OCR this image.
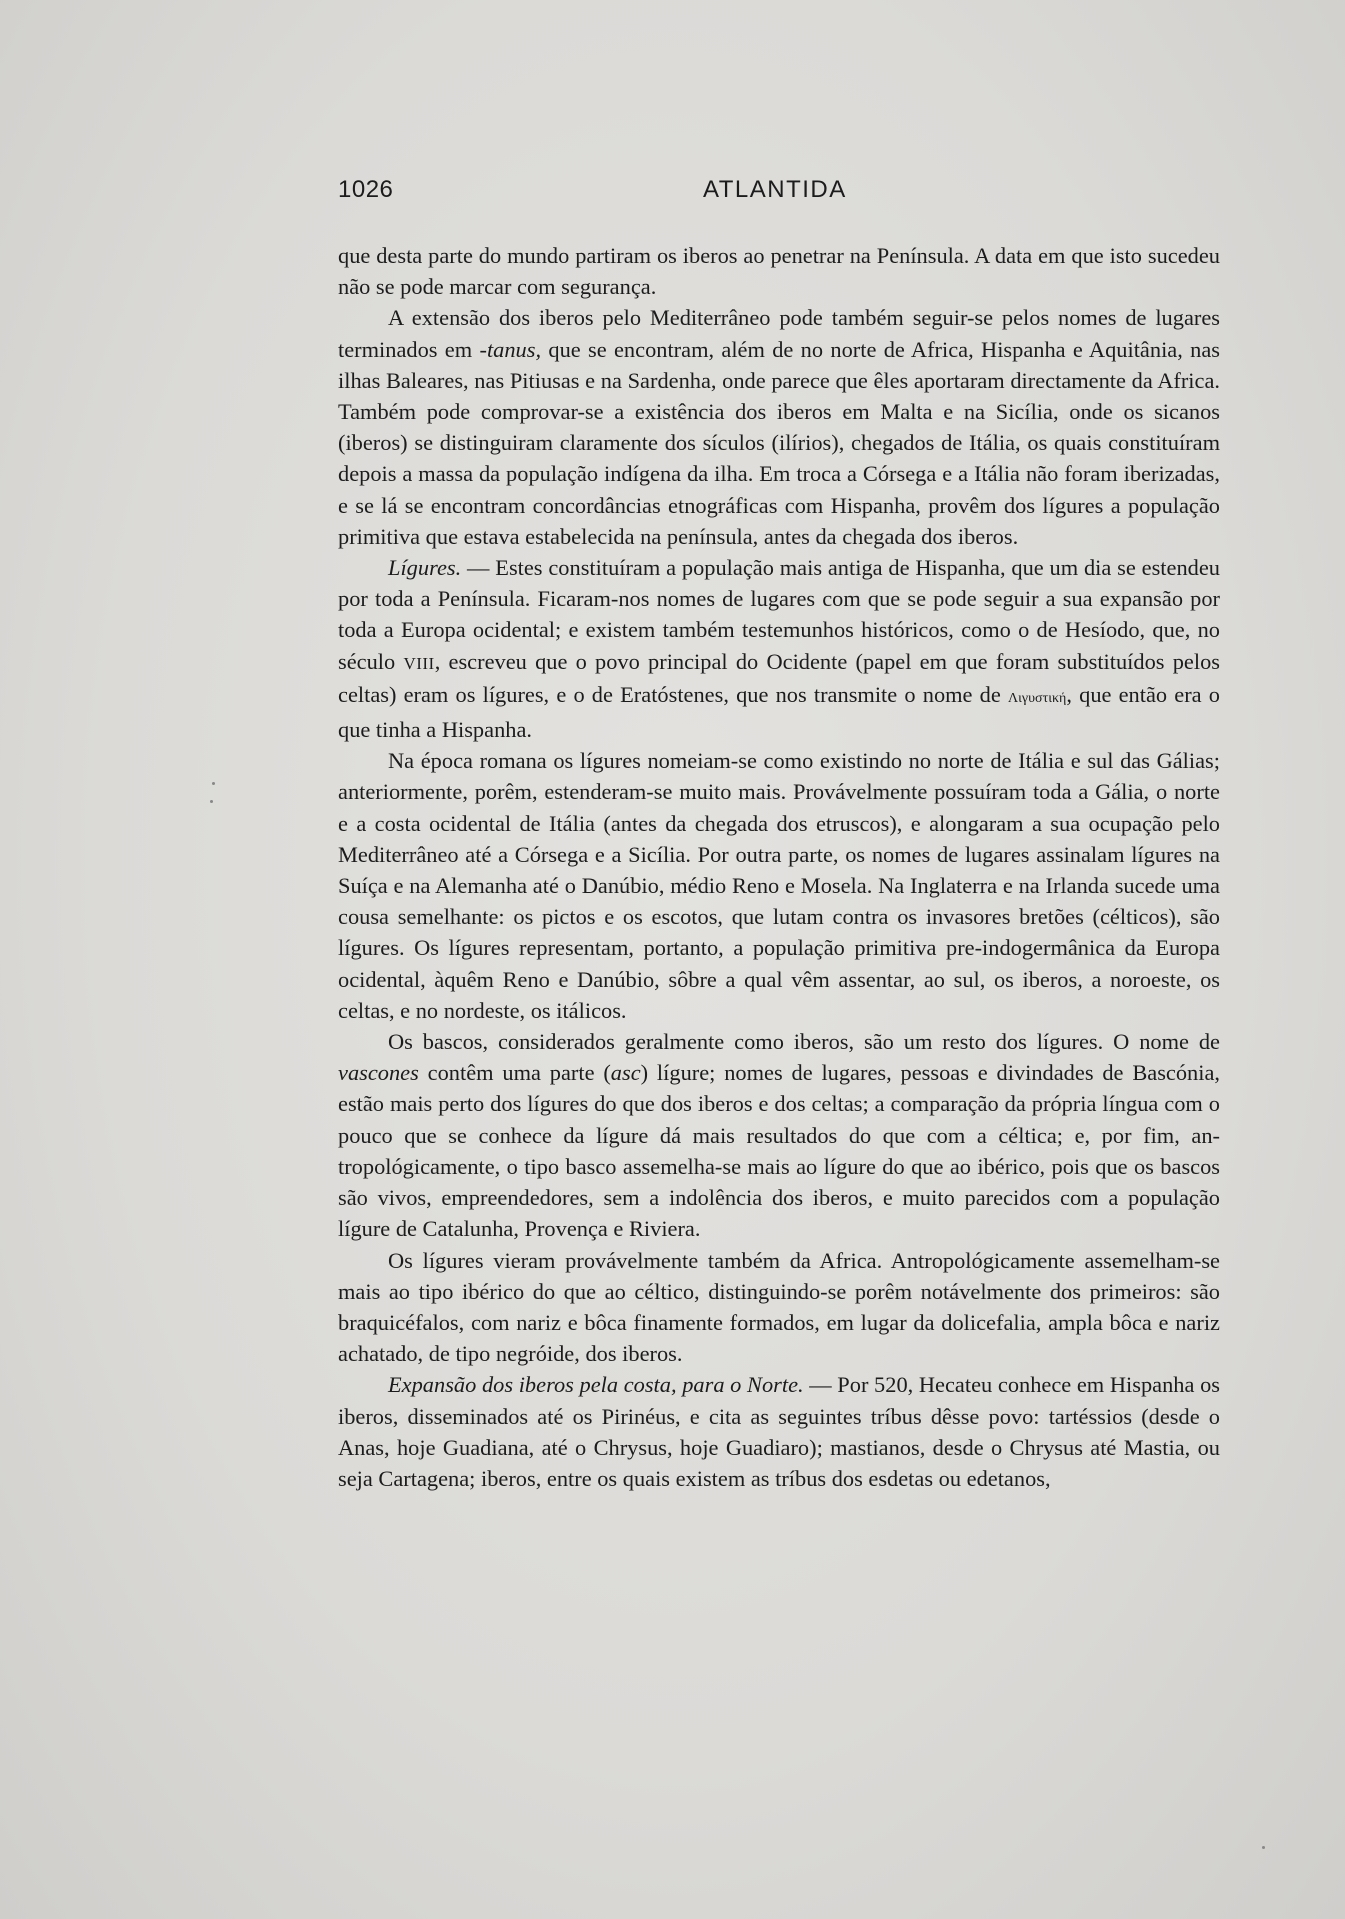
1026	ATLANTIDA

que desta parte do mundo partiram os iberos ao penetrar na Península. A data em que isto sucedeu não se pode marcar com segurança.

A extensão dos iberos pelo Mediterrâneo pode também seguir-se pelos nomes de lugares terminados em -tanus, que se encontram, além de no norte de Africa, Hispanha e Aquitânia, nas ilhas Baleares, nas Pitiusas e na Sardenha, onde parece que êles aportaram directamente da Africa. Também pode comprovar-se a existência dos iberos em Malta e na Sicília, onde os sicanos (iberos) se distinguiram claramente dos sículos (ilírios), chegados de Itália, os quais constituíram depois a massa da população indígena da ilha. Em troca a Córsega e a Itália não foram iberizadas, e se lá se encontram concordâncias etnográficas com Hispanha, provêm dos lígures a população primitiva que estava estabelecida na península, antes da chegada dos iberos.

Lígures. — Estes constituíram a população mais antiga de Hispanha, que um dia se estendeu por toda a Península. Ficaram-nos nomes de lugares com que se pode seguir a sua expansão por toda a Europa ocidental; e existem também testemunhos históricos, como o de Hesíodo, que, no século VIII, escreveu que o povo principal do Ocidente (papel em que foram substituídos pelos celtas) eram os lígures, e o de Eratóstenes, que nos transmite o nome de Λιγυστική, que então era o que tinha a Hispanha.

Na época romana os lígures nomeiam-se como existindo no norte de Itália e sul das Gálias; anteriormente, porêm, estenderam-se muito mais. Provávelmente possuíram toda a Gália, o norte e a costa ocidental de Itália (antes da chegada dos etruscos), e alongaram a sua ocupação pelo Mediterrâneo até a Córsega e a Sicília. Por outra parte, os nomes de lugares assinalam lígures na Suíça e na Alemanha até o Danúbio, médio Reno e Mosela. Na Inglaterra e na Irlanda sucede uma cousa semelhante: os pictos e os escotos, que lutam contra os invasores bretões (célticos), são lígures. Os lígures representam, portanto, a população primitiva pre-indogermânica da Europa ocidental, àquêm Reno e Danúbio, sôbre a qual vêm assentar, ao sul, os iberos, a noroeste, os celtas, e no nordeste, os itálicos.

Os bascos, considerados geralmente como iberos, são um resto dos lígures. O nome de vascones contêm uma parte (asc) lígure; nomes de lugares, pessoas e divindades de Bascónia, estão mais perto dos lígures do que dos iberos e dos celtas; a comparação da própria língua com o pouco que se conhece da lígure dá mais resultados do que com a céltica; e, por fim, antropológicamente, o tipo basco assemelha-se mais ao lígure do que ao ibérico, pois que os bascos são vivos, empreendedores, sem a indolência dos iberos, e muito parecidos com a população lígure de Catalunha, Provença e Riviera.

Os lígures vieram provávelmente também da Africa. Antropológicamente assemelham-se mais ao tipo ibérico do que ao céltico, distinguindo-se porêm notávelmente dos primeiros: são braquicéfalos, com nariz e bôca finamente formados, em lugar da dolicefalia, ampla bôca e nariz achatado, de tipo negróide, dos iberos.

Expansão dos iberos pela costa, para o Norte. — Por 520, Hecateu conhece em Hispanha os iberos, disseminados até os Pirinéus, e cita as seguintes tríbus dêsse povo: tartéssios (desde o Anas, hoje Guadiana, até o Chrysus, hoje Guadiaro); mastianos, desde o Chrysus até Mastia, ou seja Cartagena; iberos, entre os quais existem as tríbus dos esdetas ou edetanos,
